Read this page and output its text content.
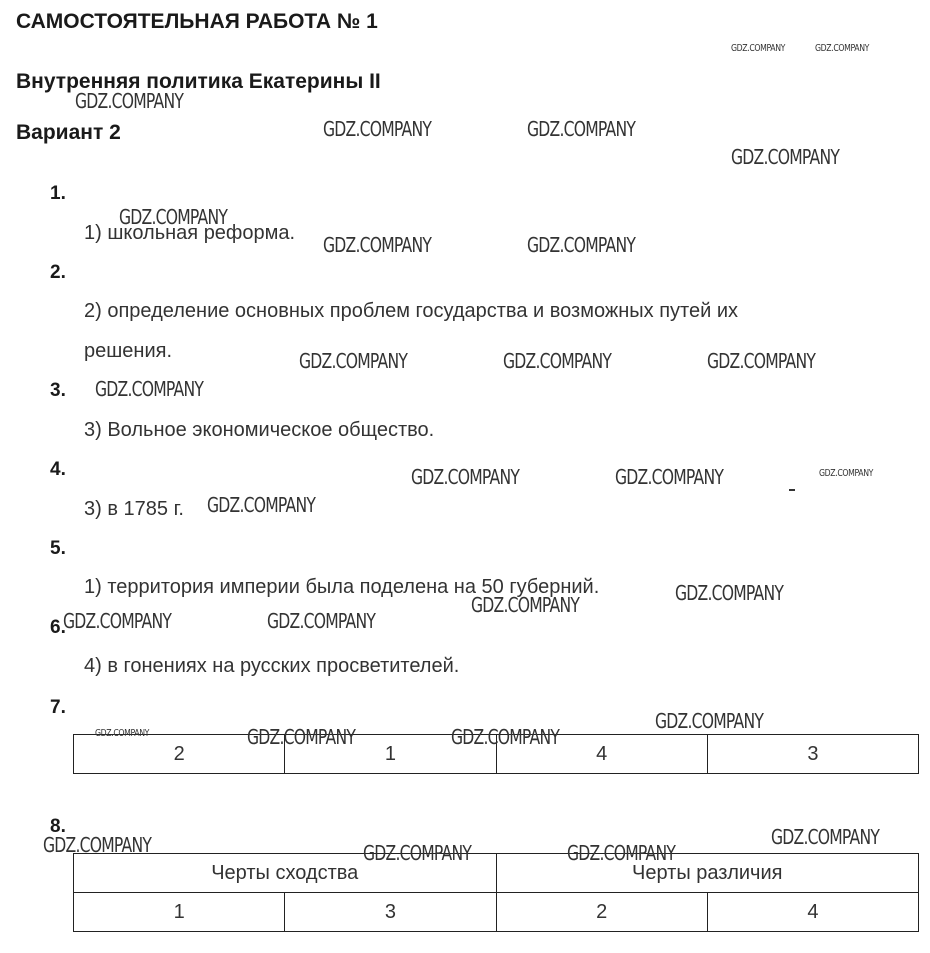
САМОСТОЯТЕЛЬНАЯ РАБОТА № 1
Внутренняя политика Екатерины II
Вариант 2
1.
1) школьная реформа.
2.
2) определение основных проблем государства и возможных путей их
решения.
3.
3) Вольное экономическое общество.
4.
3) в 1785 г.
5.
1) территория империи была поделена на 50 губерний.
6.
4) в гонениях на русских просветителей.
7.
2	1	4	3
8.
Черты сходства		Черты различия	
1	3	2	4
GDZ.COMPANY	GDZ.COMPANY
GDZ.COMPANY
GDZ.COMPANY	GDZ.COMPANY
GDZ.COMPANY
GDZ.COMPANY
GDZ.COMPANY	GDZ.COMPANY
GDZ.COMPANY	GDZ.COMPANY	GDZ.COMPANY
GDZ.COMPANY
GDZ.COMPANY	GDZ.COMPANY	GDZ.COMPANY
GDZ.COMPANY
GDZ.COMPANY
GDZ.COMPANY
GDZ.COMPANY	GDZ.COMPANY
GDZ.COMPANY
GDZ.COMPANY	GDZ.COMPANY	GDZ.COMPANY
GDZ.COMPANY
GDZ.COMPANY	GDZ.COMPANY	GDZ.COMPANY
